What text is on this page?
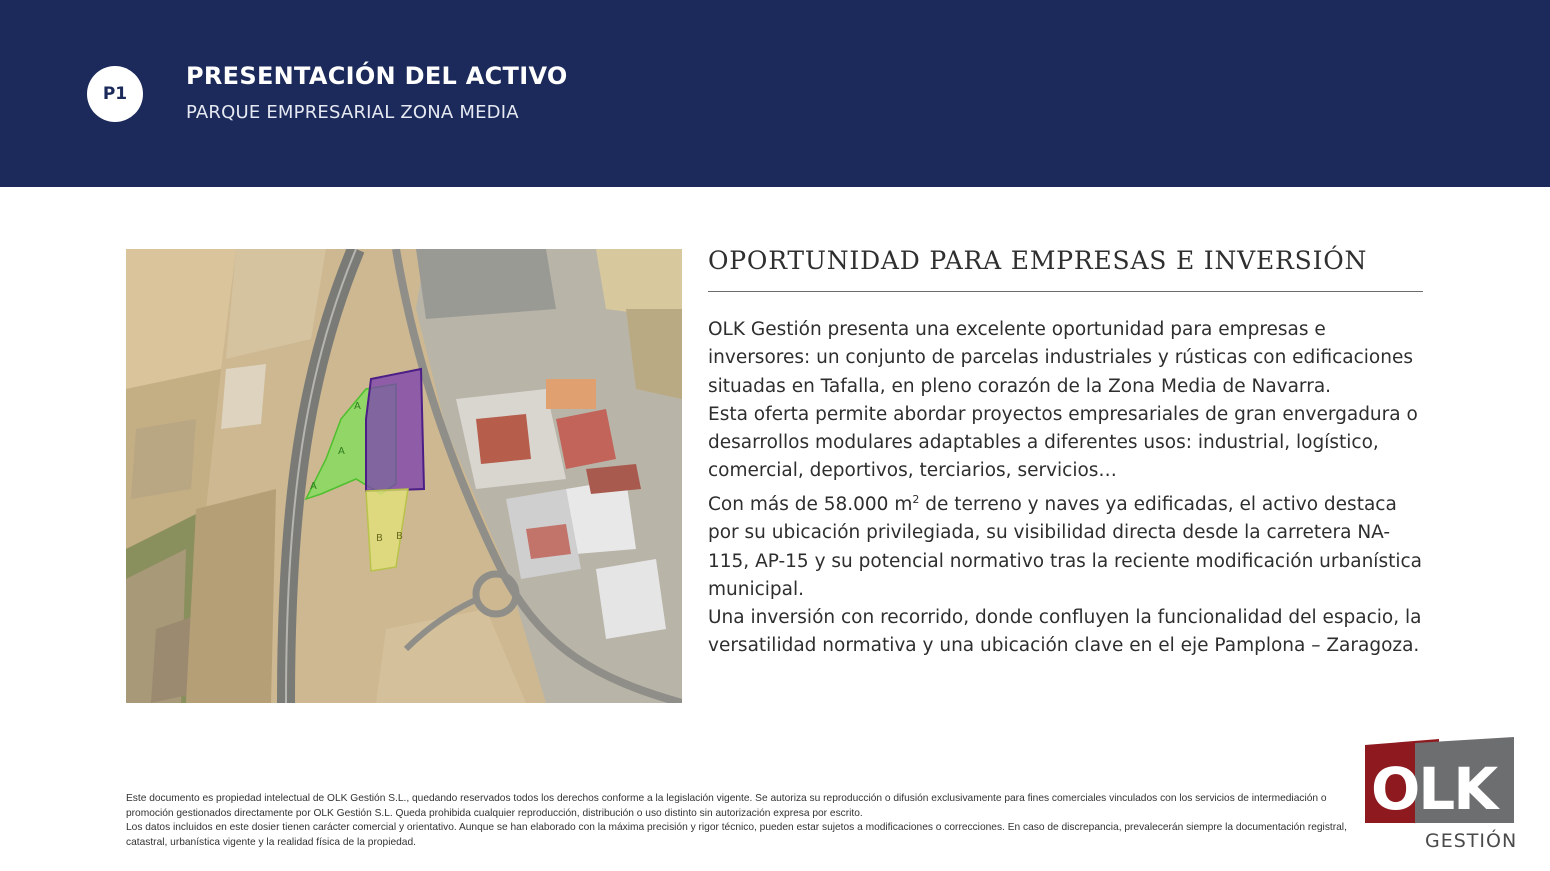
P1
PRESENTACIÓN DEL ACTIVO
PARQUE EMPRESARIAL ZONA MEDIA
A
A
A
B B
OPORTUNIDAD PARA EMPRESAS E INVERSIÓN

OLK Gestión presenta una excelente oportunidad para empresas e inversores: un conjunto de parcelas industriales y rústicas con edificaciones situadas en Tafalla, en pleno corazón de la Zona Media de Navarra.

Esta oferta permite abordar proyectos empresariales de gran envergadura o desarrollos modulares adaptables a diferentes usos: industrial, logístico, comercial, deportivos, terciarios, servicios…

Con más de 58.000 $m^2$ de terreno y naves ya edificadas, el activo destaca por su ubicación privilegiada, su visibilidad directa desde la carretera NA-115, AP-15 y su potencial normativo tras la reciente modificación urbanística municipal.

Una inversión con recorrido, donde confluyen la funcionalidad del espacio, la versatilidad normativa y una ubicación clave en el eje Pamplona – Zaragoza.

Este documento es propiedad intelectual de OLK Gestión S.L., quedando reservados todos los derechos conforme a la legislación vigente. Se autoriza su reproducción o difusión exclusivamente para fines comerciales vinculados con los servicios de intermediación o promoción gestionados directamente por OLK Gestión S.L. Queda prohibida cualquier reproducción, distribución o uso distinto sin autorización expresa por escrito.

Los datos incluidos en este dosier tienen carácter comercial y orientativo. Aunque se han elaborado con la máxima precisión y rigor técnico, pueden estar sujetos a modificaciones o correcciones. En caso de discrepancia, prevalecerán siempre la documentación registral, catastral, urbanística vigente y la realidad física de la propiedad.

OLK
GESTIÓN
